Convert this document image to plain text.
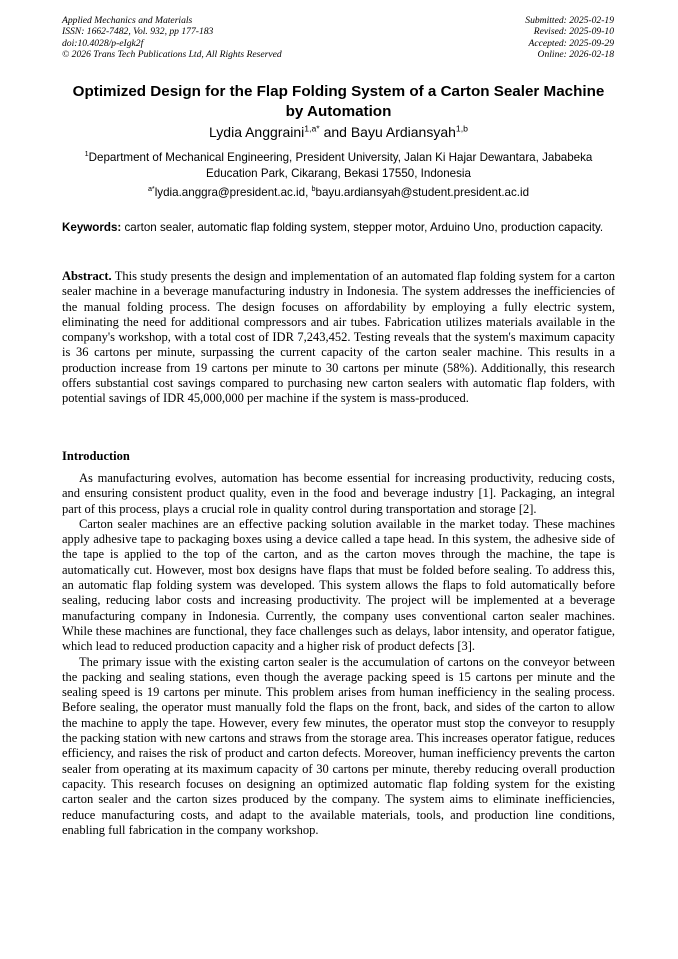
Applied Mechanics and Materials
ISSN: 1662-7482, Vol. 932, pp 177-183
doi:10.4028/p-eIgk2f
© 2026 Trans Tech Publications Ltd, All Rights Reserved
Submitted: 2025-02-19
Revised: 2025-09-10
Accepted: 2025-09-29
Online: 2026-02-18
Optimized Design for the Flap Folding System of a Carton Sealer Machine by Automation
Lydia Anggraini$^{1,a*}$ and Bayu Ardiansyah$^{1,b}$
$^1$Department of Mechanical Engineering, President University, Jalan Ki Hajar Dewantara, Jababeka Education Park, Cikarang, Bekasi 17550, Indonesia
$^{a*}$lydia.anggra@president.ac.id, $^b$bayu.ardiansyah@student.president.ac.id
Keywords: carton sealer, automatic flap folding system, stepper motor, Arduino Uno, production capacity.
Abstract. This study presents the design and implementation of an automated flap folding system for a carton sealer machine in a beverage manufacturing industry in Indonesia. The system addresses the inefficiencies of the manual folding process. The design focuses on affordability by employing a fully electric system, eliminating the need for additional compressors and air tubes. Fabrication utilizes materials available in the company's workshop, with a total cost of IDR 7,243,452. Testing reveals that the system's maximum capacity is 36 cartons per minute, surpassing the current capacity of the carton sealer machine. This results in a production increase from 19 cartons per minute to 30 cartons per minute (58%). Additionally, this research offers substantial cost savings compared to purchasing new carton sealers with automatic flap folders, with potential savings of IDR 45,000,000 per machine if the system is mass-produced.
Introduction

As manufacturing evolves, automation has become essential for increasing productivity, reducing costs, and ensuring consistent product quality, even in the food and beverage industry [1]. Packaging, an integral part of this process, plays a crucial role in quality control during transportation and storage [2].

Carton sealer machines are an effective packing solution available in the market today. These machines apply adhesive tape to packaging boxes using a device called a tape head. In this system, the adhesive side of the tape is applied to the top of the carton, and as the carton moves through the machine, the tape is automatically cut. However, most box designs have flaps that must be folded before sealing. To address this, an automatic flap folding system was developed. This system allows the flaps to fold automatically before sealing, reducing labor costs and increasing productivity. The project will be implemented at a beverage manufacturing company in Indonesia. Currently, the company uses conventional carton sealer machines. While these machines are functional, they face challenges such as delays, labor intensity, and operator fatigue, which lead to reduced production capacity and a higher risk of product defects [3].

The primary issue with the existing carton sealer is the accumulation of cartons on the conveyor between the packing and sealing stations, even though the average packing speed is 15 cartons per minute and the sealing speed is 19 cartons per minute. This problem arises from human inefficiency in the sealing process. Before sealing, the operator must manually fold the flaps on the front, back, and sides of the carton to allow the machine to apply the tape. However, every few minutes, the operator must stop the conveyor to resupply the packing station with new cartons and straws from the storage area. This increases operator fatigue, reduces efficiency, and raises the risk of product and carton defects. Moreover, human inefficiency prevents the carton sealer from operating at its maximum capacity of 30 cartons per minute, thereby reducing overall production capacity. This research focuses on designing an optimized automatic flap folding system for the existing carton sealer and the carton sizes produced by the company. The system aims to eliminate inefficiencies, reduce manufacturing costs, and adapt to the available materials, tools, and production line conditions, enabling full fabrication in the company workshop.
